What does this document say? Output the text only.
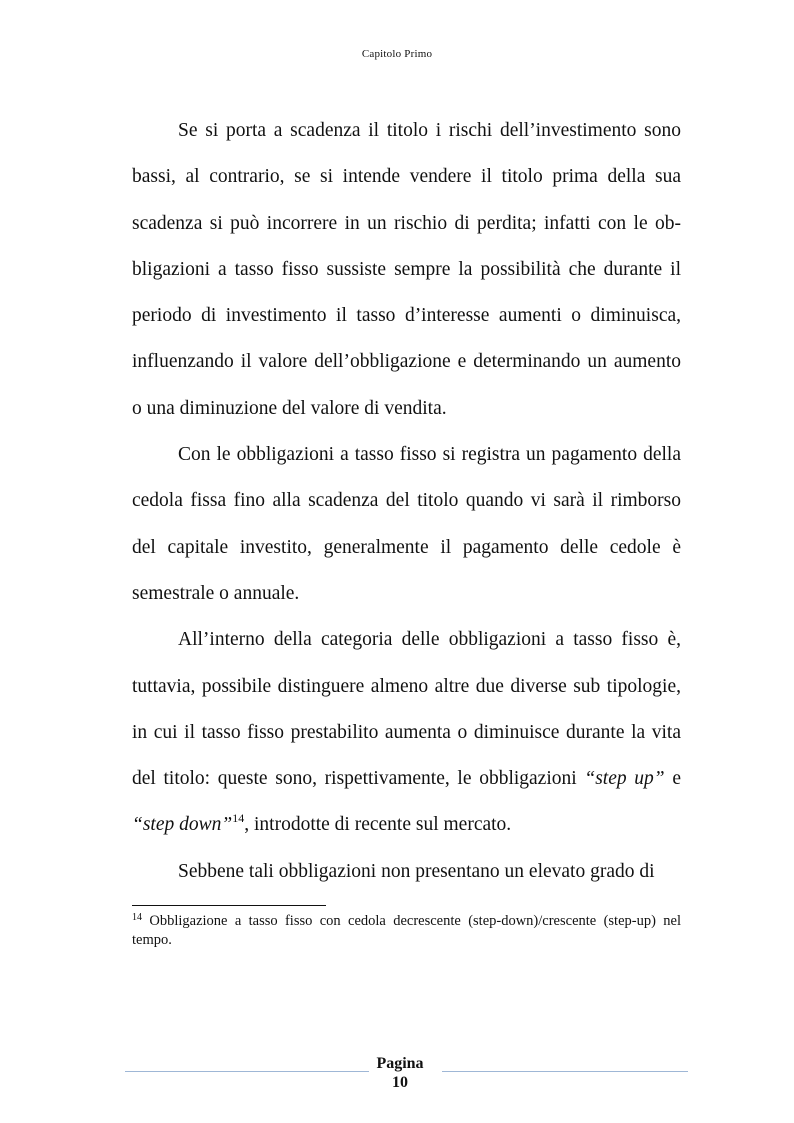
Capitolo Primo

Se si porta a scadenza il titolo i rischi dell’investimento sono bassi, al contrario, se si intende vendere il titolo prima della sua scadenza si può incorrere in un rischio di perdita; infatti con le obbligazioni a tasso fisso sussiste sempre la possibilità che durante il periodo di investimento il tasso d’interesse aumenti o diminuisca, influenzando il valore dell’obbligazione e determinando un aumento o una diminuzione del valore di vendita.

Con le obbligazioni a tasso fisso si registra un pagamento della cedola fissa fino alla scadenza del titolo quando vi sarà il rimborso del capitale investito, generalmente il pagamento delle cedole è semestrale o annuale.

All’interno della categoria delle obbligazioni a tasso fisso è, tuttavia, possibile distinguere almeno altre due diverse sub tipologie, in cui il tasso fisso prestabilito aumenta o diminuisce durante la vita del titolo: queste sono, rispettivamente, le obbligazioni “step up” e “step down”$^{14}$, introdotte di recente sul mercato.

Sebbene tali obbligazioni non presentano un elevato grado di

$^{14}$ Obbligazione a tasso fisso con cedola decrescente (step-down)/crescente (step-up) nel tempo.
Pagina
10
